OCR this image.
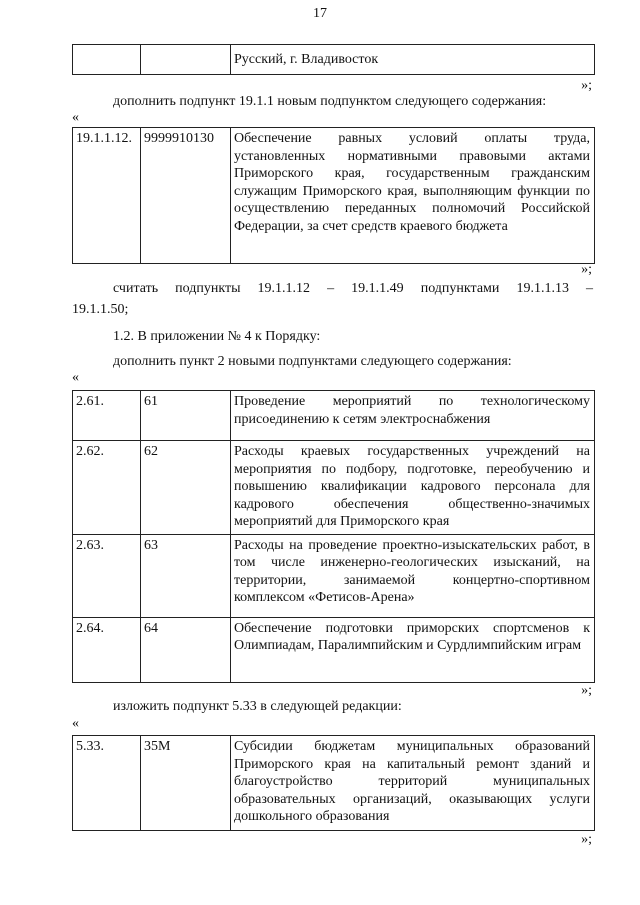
17
		Русский, г. Владивосток
»;
дополнить подпункт 19.1.1 новым подпунктом следующего содержания:
«
19.1.1.12.	9999910130	Обеспечение равных условий оплаты труда, установленных нормативными правовыми актами Приморского края, государственным гражданским служащим Приморского края, выполняющим функции по осуществлению переданных полномочий Российской Федерации, за счет средств краевого бюджета
»;
считать подпункты 19.1.1.12 – 19.1.1.49 подпунктами 19.1.1.13 –
19.1.1.50;
1.2. В приложении № 4 к Порядку:
дополнить пункт 2 новыми подпунктами следующего содержания:
«
2.61.	61	Проведение мероприятий по технологическому присоединению к сетям электроснабжения
2.62.	62	Расходы краевых государственных учреждений на мероприятия по подбору, подготовке, переобучению и повышению квалификации кадрового персонала для кадрового обеспечения общественно-значимых мероприятий для Приморского края
2.63.	63	Расходы на проведение проектно-изыскательских работ, в том числе инженерно-геологических изысканий, на территории, занимаемой концертно-спортивном комплексом «Фетисов-Арена»
2.64.	64	Обеспечение подготовки приморских спортсменов к Олимпиадам, Паралимпийским и Сурдлимпийским играм
»;
изложить подпункт 5.33 в следующей редакции:
«
5.33.	35М	Субсидии бюджетам муниципальных образований Приморского края на капитальный ремонт зданий и благоустройство территорий муниципальных образовательных организаций, оказывающих услуги дошкольного образования
»;
